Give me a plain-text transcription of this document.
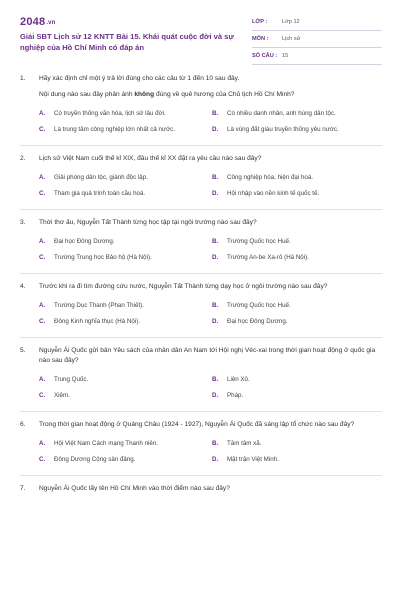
2048.vn
Giải SBT Lịch sử 12 KNTT Bài 15. Khái quát cuộc đời và sự nghiệp của Hồ Chí Minh có đáp án
LỚP :	Lớp 12
MÔN :	Lịch sử
SỐ CÂU : 15
1.	Hãy xác định chỉ một ý trả lời đúng cho các câu từ 1 đến 10 sau đây.
Nội dung nào sau đây phản ánh không đúng về quê hương của Chủ tịch Hồ Chí Minh?
A.	Có truyền thống văn hóa, lịch sử lâu đời.	B.	Có nhiều danh nhân, anh hùng dân tộc.
C.	Là trung tâm công nghiệp lớn nhất cả nước.	D.	Là vùng đất giàu truyền thống yêu nước.
2.	Lịch sử Việt Nam cuối thế kỉ XIX, đầu thế kỉ XX đặt ra yêu cầu nào sau đây?
A.	Giải phóng dân tộc, giành độc lập.	B.	Công nghiệp hóa, hiện đại hoá.
C.	Tham gia quá trình toàn cầu hoá.	D.	Hội nhập vào nền kinh tế quốc tế.
3.	Thời thơ ấu, Nguyễn Tất Thành từng học tập tại ngôi trường nào sau đây?
A.	Đại học Đông Dương.	B.	Trường Quốc học Huế.
C.	Trường Trung học Bảo hộ (Hà Nội).	D.	Trường An-be Xa-rô (Hà Nội).
4.	Trước khi ra đi tìm đường cứu nước, Nguyễn Tất Thành từng dạy học ở ngôi trường nào sau đây?
A.	Trường Dục Thanh (Phan Thiết).	B.	Trường Quốc học Huế.
C.	Đông Kinh nghĩa thục (Hà Nội).	D.	Đại học Đông Dương.
5.	Nguyễn Ái Quốc gửi bản Yêu sách của nhân dân An Nam tới Hội nghị Véc-xai trong thời gian hoạt động ở quốc gia nào sau đây?
A.	Trung Quốc.	B.	Liên Xô.
C.	Xiêm.	D.	Pháp.
6.	Trong thời gian hoạt động ở Quảng Châu (1924 - 1927), Nguyễn Ái Quốc đã sáng lập tổ chức nào sau đây?
A.	Hội Việt Nam Cách mạng Thanh niên.	B.	Tâm tâm xã.
C.	Đông Dương Cộng sản đảng.	D.	Mặt trận Việt Minh.
7.	Nguyễn Ái Quốc lấy tên Hồ Chí Minh vào thời điểm nào sau đây?
